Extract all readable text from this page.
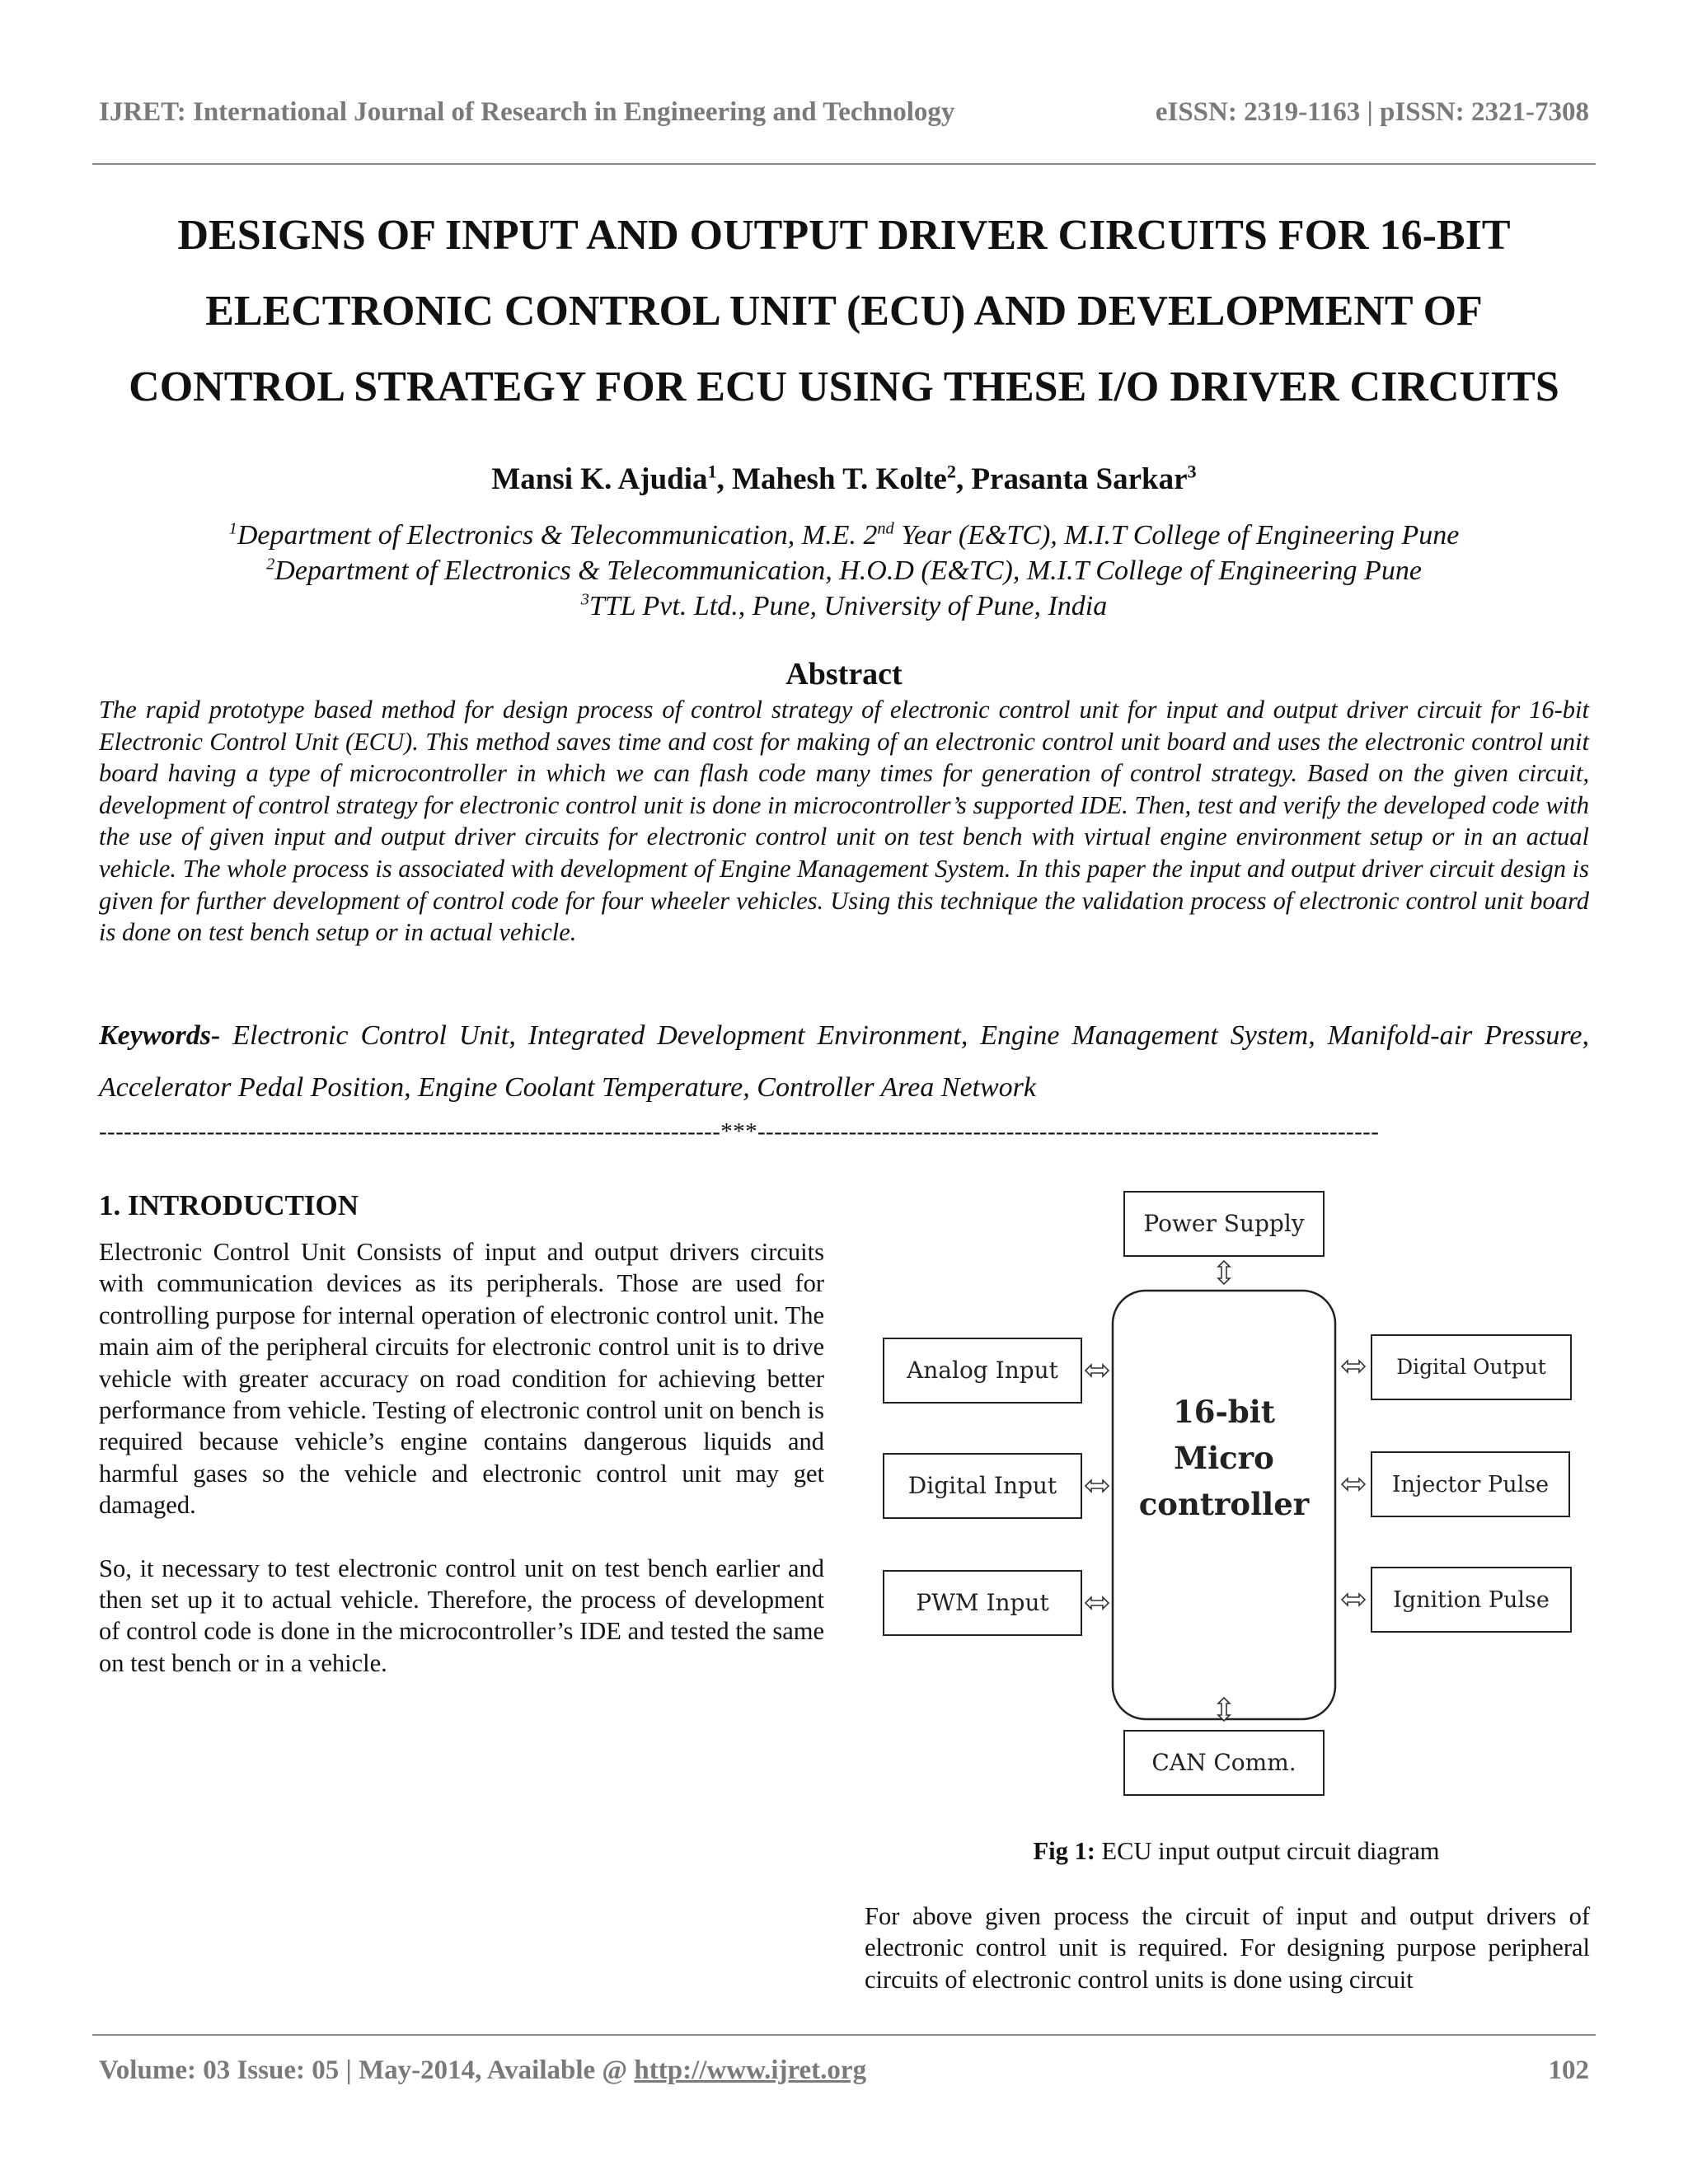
IJRET: International Journal of Research in Engineering and Technology	eISSN: 2319-1163 | pISSN: 2321-7308
DESIGNS OF INPUT AND OUTPUT DRIVER CIRCUITS FOR 16-BIT
ELECTRONIC CONTROL UNIT (ECU) AND DEVELOPMENT OF
CONTROL STRATEGY FOR ECU USING THESE I/O DRIVER CIRCUITS
Mansi K. Ajudia$^1$, Mahesh T. Kolte$^2$, Prasanta Sarkar$^3$
$^1$Department of Electronics & Telecommunication, M.E. 2nd Year (E&TC), M.I.T College of Engineering Pune
$^2$Department of Electronics & Telecommunication, H.O.D (E&TC), M.I.T College of Engineering Pune
$^3$TTL Pvt. Ltd., Pune, University of Pune, India
Abstract
The rapid prototype based method for design process of control strategy of electronic control unit for input and output driver circuit for 16-bit Electronic Control Unit (ECU). This method saves time and cost for making of an electronic control unit board and uses the electronic control unit board having a type of microcontroller in which we can flash code many times for generation of control strategy. Based on the given circuit, development of control strategy for electronic control unit is done in microcontroller’s supported IDE. Then, test and verify the developed code with the use of given input and output driver circuits for electronic control unit on test bench with virtual engine environment setup or in an actual vehicle. The whole process is associated with development of Engine Management System. In this paper the input and output driver circuit design is given for further development of control code for four wheeler vehicles. Using this technique the validation process of electronic control unit board is done on test bench setup or in actual vehicle.
Keywords- Electronic Control Unit, Integrated Development Environment, Engine Management System, Manifold-air Pressure, Accelerator Pedal Position, Engine Coolant Temperature, Controller Area Network
---------------------------------------------------------------------------***---------------------------------------------------------------------------
1. INTRODUCTION

Electronic Control Unit Consists of input and output drivers circuits with communication devices as its peripherals. Those are used for controlling purpose for internal operation of electronic control unit. The main aim of the peripheral circuits for electronic control unit is to drive vehicle with greater accuracy on road condition for achieving better performance from vehicle. Testing of electronic control unit on bench is required because vehicle’s engine contains dangerous liquids and harmful gases so the vehicle and electronic control unit may get damaged.

So, it necessary to test electronic control unit on test bench earlier and then set up it to actual vehicle. Therefore, the process of development of control code is done in the microcontroller’s IDE and tested the same on test bench or in a vehicle.

Power Supply
16-bit
Micro
controller
Analog Input
Digital Input
PWM Input
Digital Output
Injector Pulse
Ignition Pulse
CAN Comm.
Fig 1: ECU input output circuit diagram
For above given process the circuit of input and output drivers of electronic control unit is required. For designing purpose peripheral circuits of electronic control units is done using circuit
Volume: 03 Issue: 05 | May-2014, Available @ http://www.ijret.org	102
